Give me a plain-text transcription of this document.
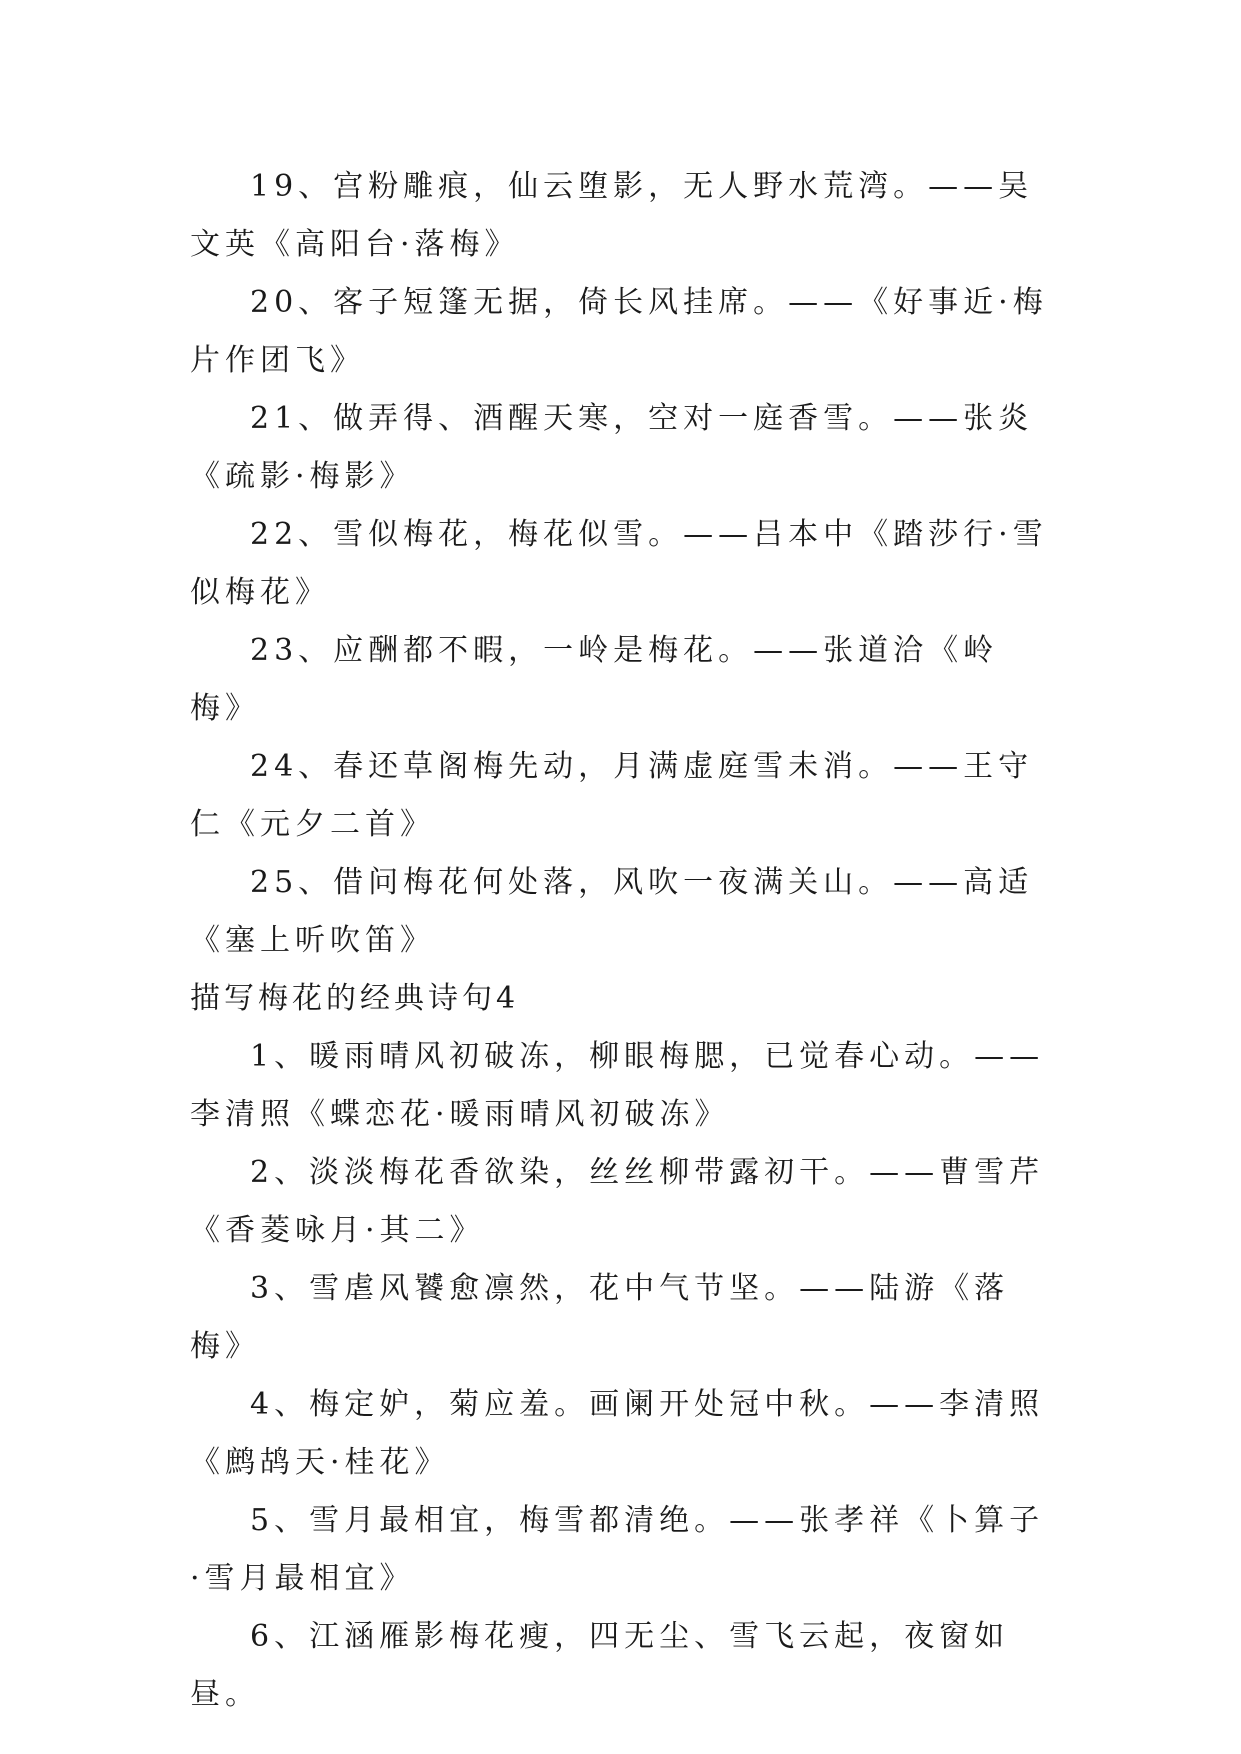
19、宫粉雕痕，仙云堕影，无人野水荒湾。——吴文英《高阳台·落梅》

20、客子短篷无据，倚长风挂席。——《好事近·梅片作团飞》

21、做弄得、酒醒天寒，空对一庭香雪。——张炎《疏影·梅影》

22、雪似梅花，梅花似雪。——吕本中《踏莎行·雪似梅花》

23、应酬都不暇，一岭是梅花。——张道洽《岭梅》

24、春还草阁梅先动，月满虚庭雪未消。——王守仁《元夕二首》

25、借问梅花何处落，风吹一夜满关山。——高适《塞上听吹笛》

描写梅花的经典诗句4

1、暖雨晴风初破冻，柳眼梅腮，已觉春心动。——李清照《蝶恋花·暖雨晴风初破冻》

2、淡淡梅花香欲染，丝丝柳带露初干。——曹雪芹《香菱咏月·其二》

3、雪虐风饕愈凛然，花中气节坚。——陆游《落梅》

4、梅定妒，菊应羞。画阑开处冠中秋。——李清照《鹧鸪天·桂花》

5、雪月最相宜，梅雪都清绝。——张孝祥《卜算子·雪月最相宜》

6、江涵雁影梅花瘦，四无尘、雪飞云起，夜窗如昼。
